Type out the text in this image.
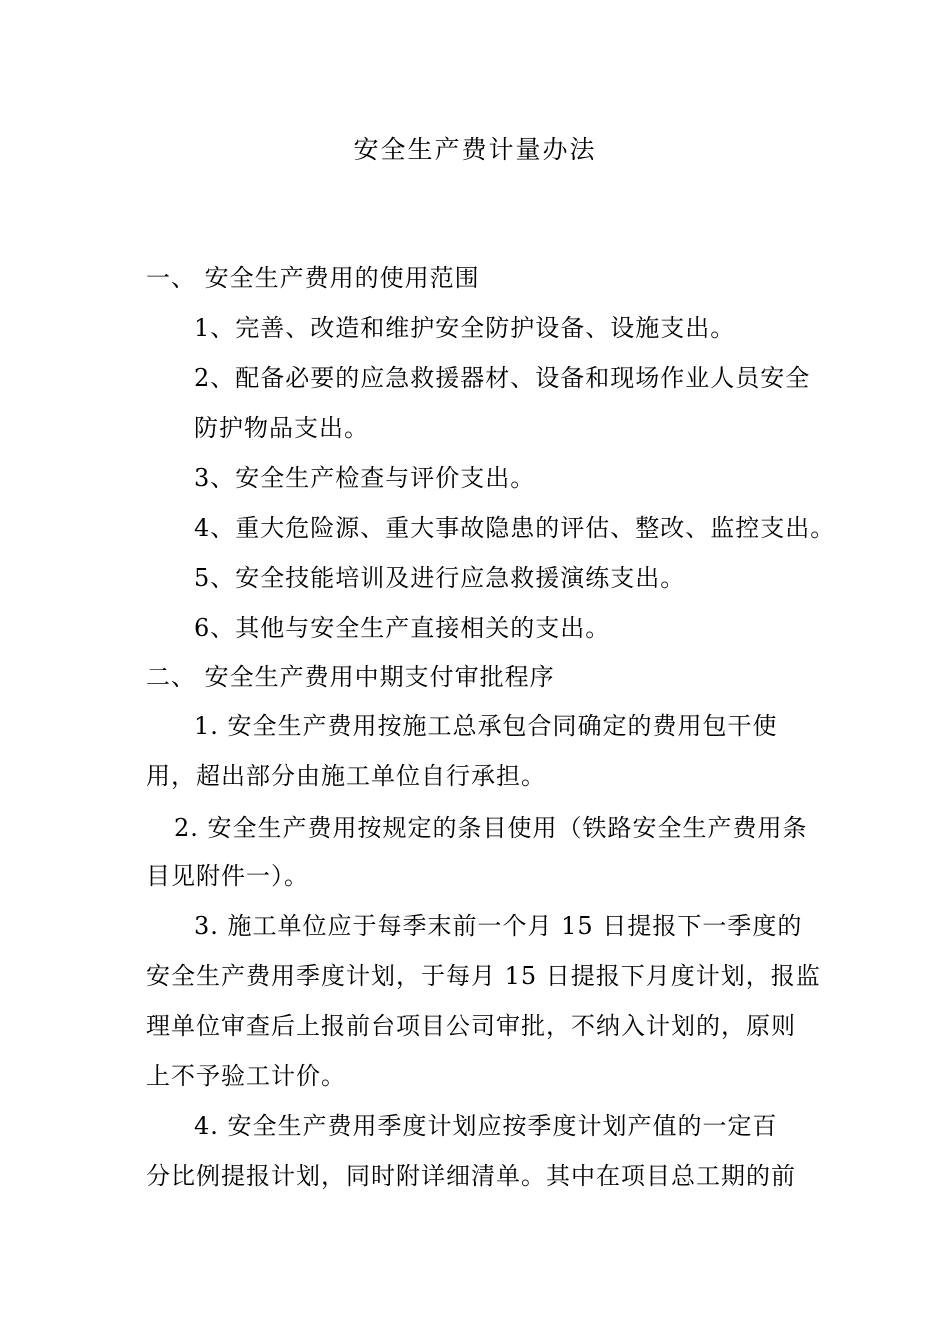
安全生产费计量办法
一、 安全生产费用的使用范围
1、完善、改造和维护安全防护设备、设施支出。
2、配备必要的应急救援器材、设备和现场作业人员安全
防护物品支出。
3、安全生产检查与评价支出。
4、重大危险源、重大事故隐患的评估、整改、监控支出。
5、安全技能培训及进行应急救援演练支出。
6、其他与安全生产直接相关的支出。
二、 安全生产费用中期支付审批程序
1. 安全生产费用按施工总承包合同确定的费用包干使
用，超出部分由施工单位自行承担。
2. 安全生产费用按规定的条目使用（铁路安全生产费用条
目见附件一）。
3. 施工单位应于每季末前一个月 15 日提报下一季度的
安全生产费用季度计划，于每月 15 日提报下月度计划，报监
理单位审查后上报前台项目公司审批，不纳入计划的，原则
上不予验工计价。
4. 安全生产费用季度计划应按季度计划产值的一定百
分比例提报计划，同时附详细清单。其中在项目总工期的前
